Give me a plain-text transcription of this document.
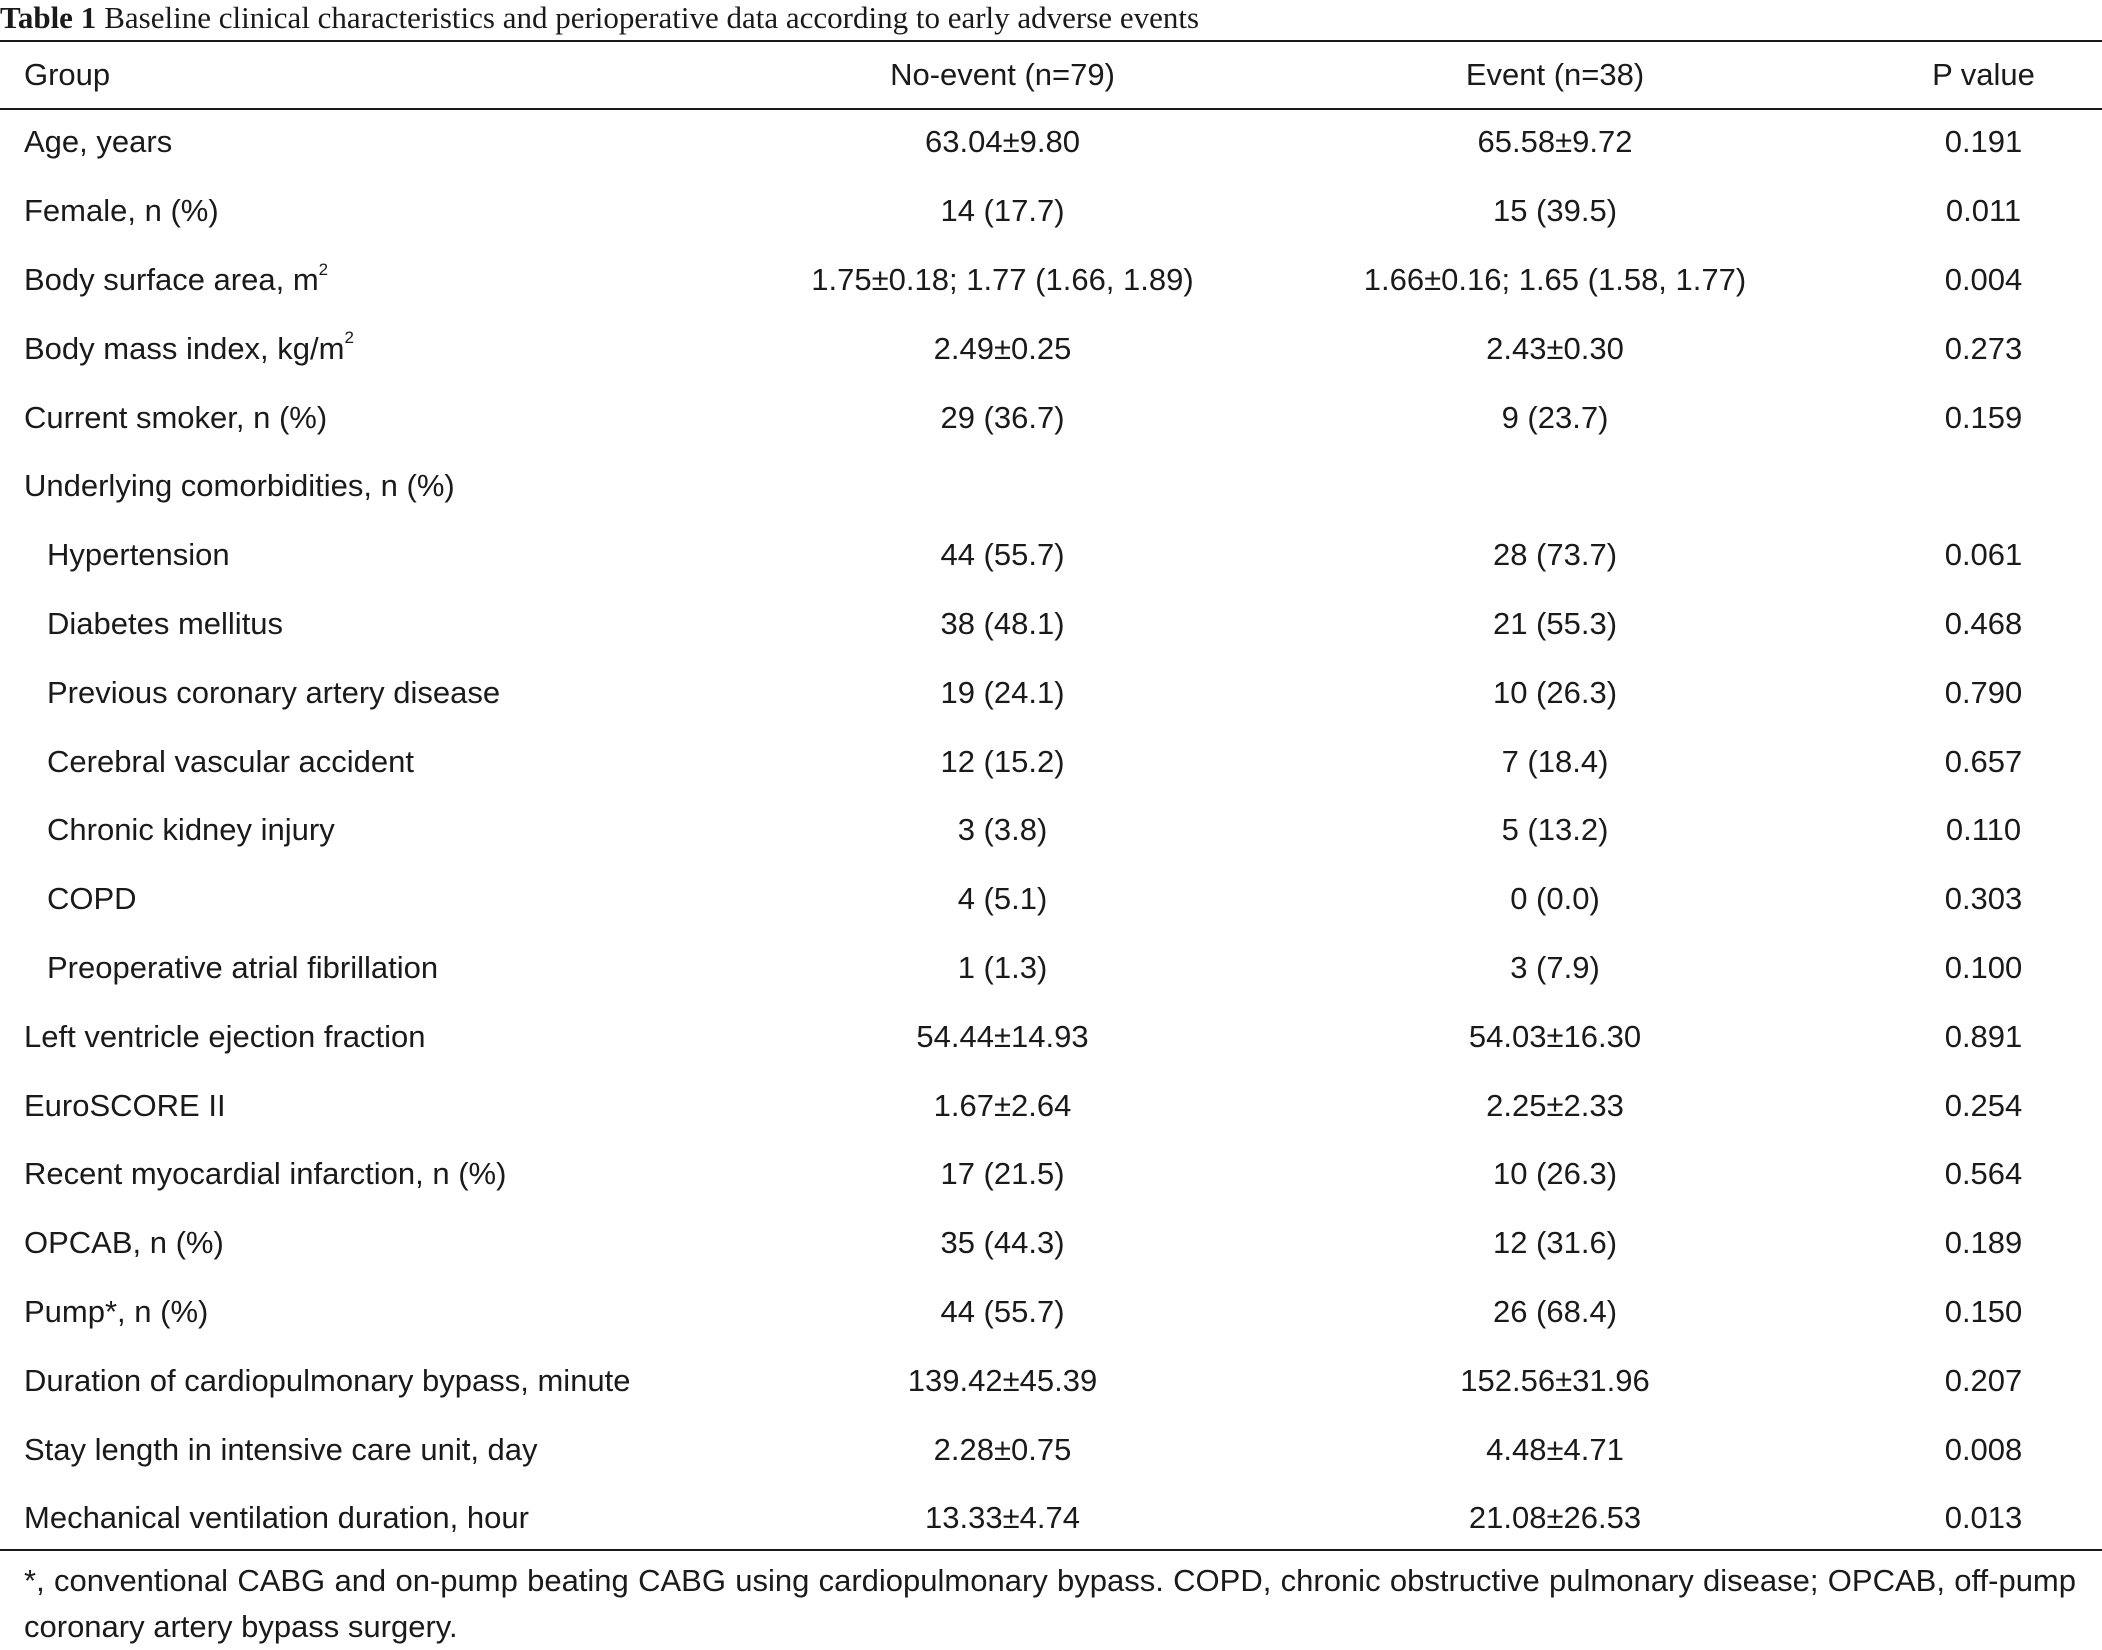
Table 1 Baseline clinical characteristics and perioperative data according to early adverse events
Group	No-event (n=79)	Event (n=38)	P value
Age, years	63.04±9.80	65.58±9.72	0.191
Female, n (%)	14 (17.7)	15 (39.5)	0.011
Body surface area, $m^2$	1.75±0.18; 1.77 (1.66, 1.89)	1.66±0.16; 1.65 (1.58, 1.77)	0.004
Body mass index, $kg/m^2$	2.49±0.25	2.43±0.30	0.273
Current smoker, n (%)	29 (36.7)	9 (23.7)	0.159
Underlying comorbidities, n (%)			
Hypertension	44 (55.7)	28 (73.7)	0.061
Diabetes mellitus	38 (48.1)	21 (55.3)	0.468
Previous coronary artery disease	19 (24.1)	10 (26.3)	0.790
Cerebral vascular accident	12 (15.2)	7 (18.4)	0.657
Chronic kidney injury	3 (3.8)	5 (13.2)	0.110
COPD	4 (5.1)	0 (0.0)	0.303
Preoperative atrial fibrillation	1 (1.3)	3 (7.9)	0.100
Left ventricle ejection fraction	54.44±14.93	54.03±16.30	0.891
EuroSCORE II	1.67±2.64	2.25±2.33	0.254
Recent myocardial infarction, n (%)	17 (21.5)	10 (26.3)	0.564
OPCAB, n (%)	35 (44.3)	12 (31.6)	0.189
Pump*, n (%)	44 (55.7)	26 (68.4)	0.150
Duration of cardiopulmonary bypass, minute	139.42±45.39	152.56±31.96	0.207
Stay length in intensive care unit, day	2.28±0.75	4.48±4.71	0.008
Mechanical ventilation duration, hour	13.33±4.74	21.08±26.53	0.013
*, conventional CABG and on-pump beating CABG using cardiopulmonary bypass. COPD, chronic obstructive pulmonary disease; OPCAB, off-pump coronary artery bypass surgery.
